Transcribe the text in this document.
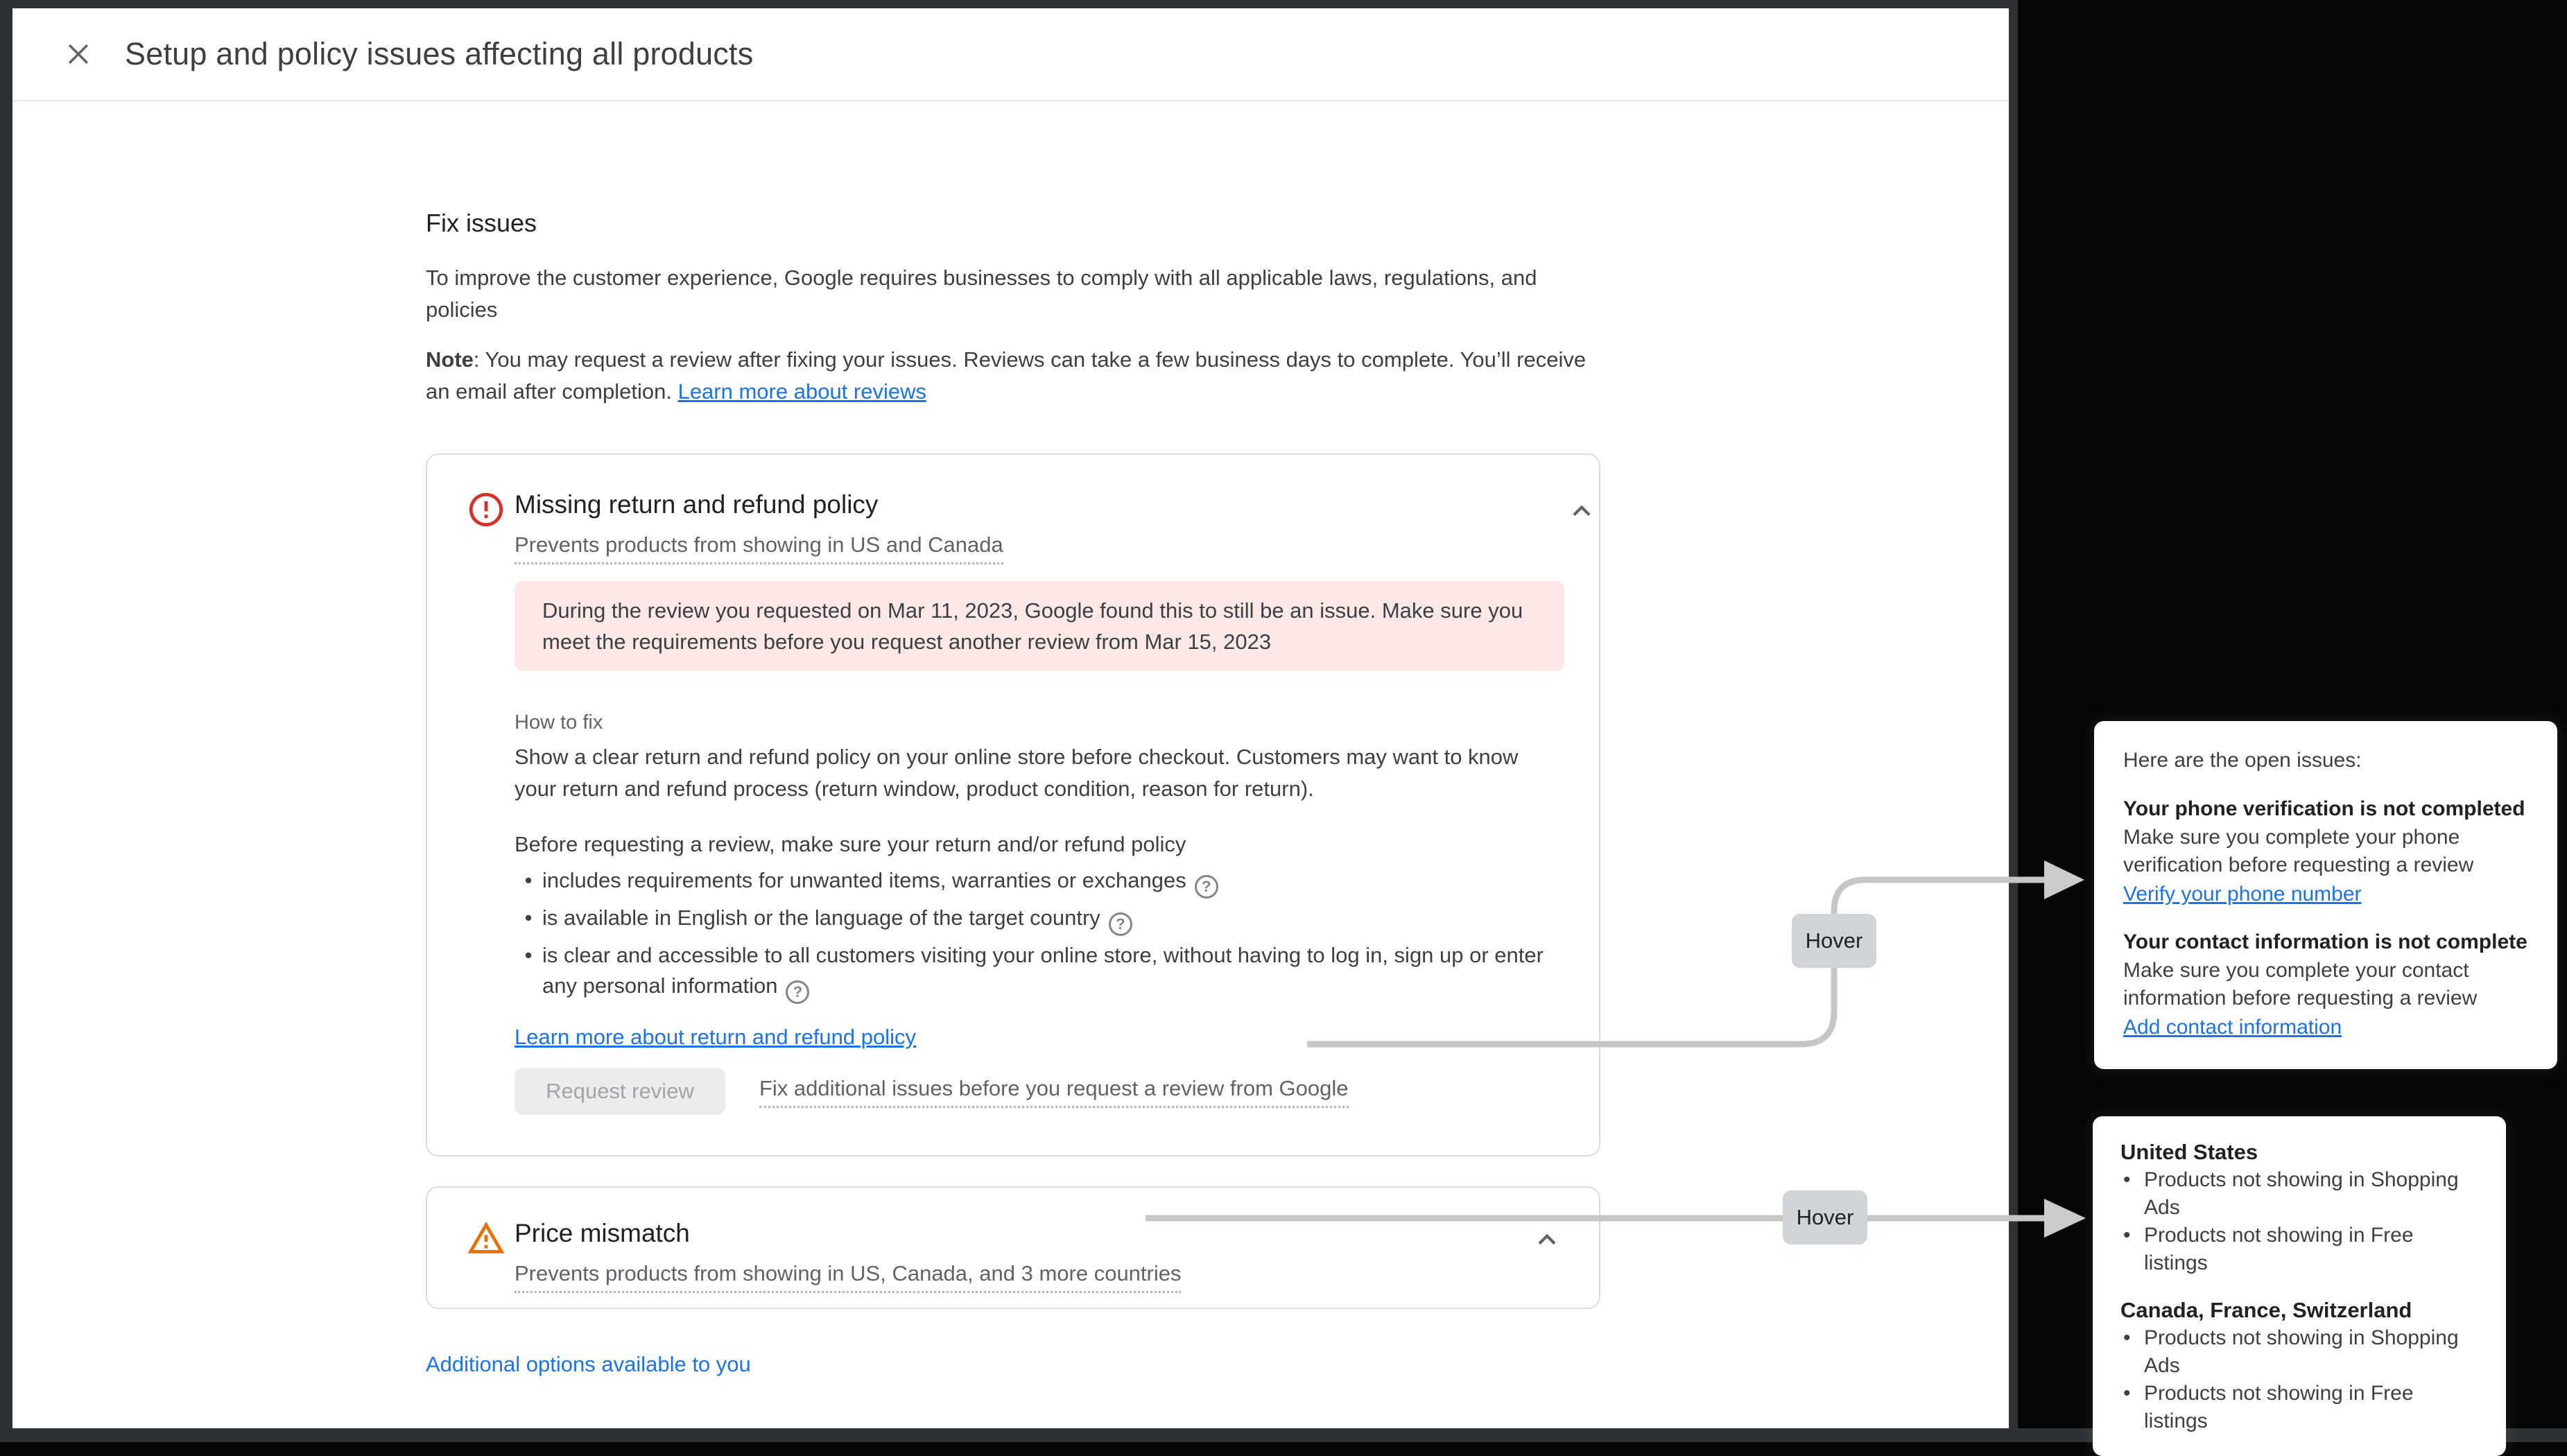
Setup and policy issues affecting all products
Fix issues
To improve the customer experience, Google requires businesses to comply with all applicable laws, regulations, and policies
Note: You may request a review after fixing your issues. Reviews can take a few business days to complete. You’ll receive an email after completion. Learn more about reviews
Missing return and refund policy
Prevents products from showing in US and Canada
During the review you requested on Mar 11, 2023, Google found this to still be an issue. Make sure you meet the requirements before you request another review from Mar 15, 2023
How to fix
Show a clear return and refund policy on your online store before checkout. Customers may want to know your return and refund process (return window, product condition, reason for return).
Before requesting a review, make sure your return and/or refund policy
• includes requirements for unwanted items, warranties or exchanges ?
• is available in English or the language of the target country ?
• is clear and accessible to all customers visiting your online store, without having to log in, sign up or enter any personal information ?
Learn more about return and refund policy
Request review	Fix additional issues before you request a review from Google
Price mismatch
Prevents products from showing in US, Canada, and 3 more countries
Additional options available to you
Hover
Hover
Here are the open issues:
Your phone verification is not completed
Make sure you complete your phone verification before requesting a review
Verify your phone number
Your contact information is not complete
Make sure you complete your contact information before requesting a review
Add contact information
United States
• Products not showing in Shopping Ads
• Products not showing in Free listings
Canada, France, Switzerland
• Products not showing in Shopping Ads
• Products not showing in Free listings
